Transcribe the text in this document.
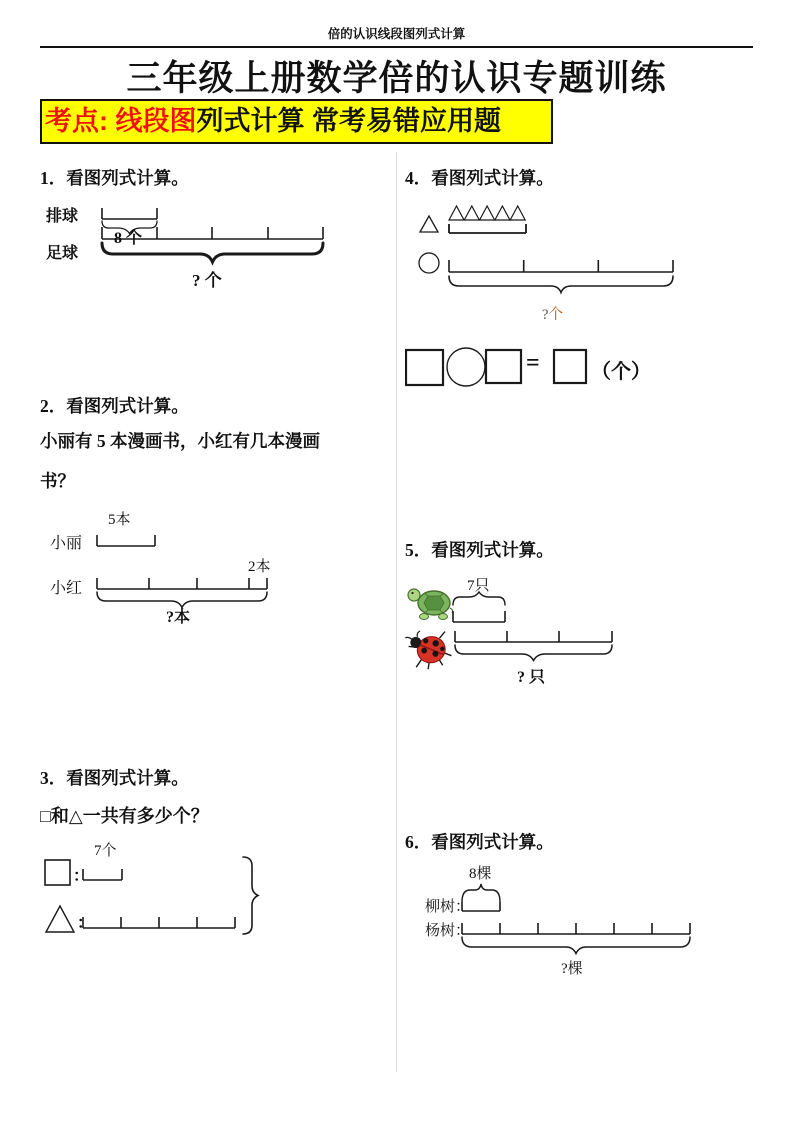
倍的认识线段图列式计算
三年级上册数学倍的认识专题训练
考点: 线段图列式计算 常考易错应用题
1．看图列式计算。
排球
8 个
足球
? 个
2．看图列式计算。
小丽有 5 本漫画书，小红有几本漫画
书？
5本
小丽
2本
小红
?本
3．看图列式计算。
□和△一共有多少个？
7个
：
：
4．看图列式计算。
?个
=	（个）
5．看图列式计算。
7只
? 只
6．看图列式计算。
8棵
柳树：
杨树：
?棵
